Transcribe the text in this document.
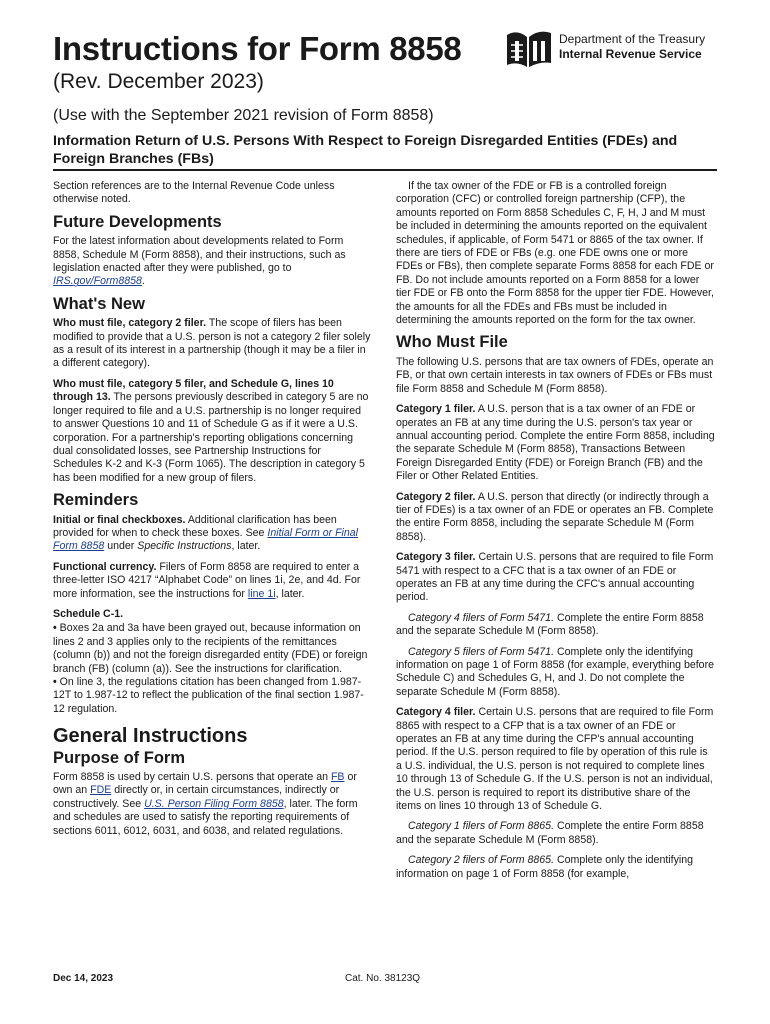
Instructions for Form 8858
(Rev. December 2023)
(Use with the September 2021 revision of Form 8858)
Information Return of U.S. Persons With Respect to Foreign Disregarded Entities (FDEs) and Foreign Branches (FBs)
Department of the Treasury
Internal Revenue Service

Section references are to the Internal Revenue Code unless otherwise noted.

Future Developments

For the latest information about developments related to Form 8858, Schedule M (Form 8858), and their instructions, such as legislation enacted after they were published, go to IRS.gov/Form8858.

What's New

Who must file, category 2 filer. The scope of filers has been modified to provide that a U.S. person is not a category 2 filer solely as a result of its interest in a partnership (though it may be a filer in a different category).

Who must file, category 5 filer, and Schedule G, lines 10 through 13. The persons previously described in category 5 are no longer required to file and a U.S. partnership is no longer required to answer Questions 10 and 11 of Schedule G as if it were a U.S. corporation. For a partnership's reporting obligations concerning dual consolidated losses, see Partnership Instructions for Schedules K-2 and K-3 (Form 1065). The description in category 5 has been modified for a new group of filers.

Reminders

Initial or final checkboxes. Additional clarification has been provided for when to check these boxes. See Initial Form or Final Form 8858 under Specific Instructions, later.

Functional currency. Filers of Form 8858 are required to enter a three-letter ISO 4217 “Alphabet Code” on lines 1i, 2e, and 4d. For more information, see the instructions for line 1i, later.

Schedule C-1.

• Boxes 2a and 3a have been grayed out, because information on lines 2 and 3 applies only to the recipients of the remittances (column (b)) and not the foreign disregarded entity (FDE) or foreign branch (FB) (column (a)). See the instructions for clarification.

• On line 3, the regulations citation has been changed from 1.987-12T to 1.987-12 to reflect the publication of the final section 1.987-12 regulation.

General Instructions
Purpose of Form

Form 8858 is used by certain U.S. persons that operate an FB or own an FDE directly or, in certain circumstances, indirectly or constructively. See U.S. Person Filing Form 8858, later. The form and schedules are used to satisfy the reporting requirements of sections 6011, 6012, 6031, and 6038, and related regulations.

If the tax owner of the FDE or FB is a controlled foreign corporation (CFC) or controlled foreign partnership (CFP), the amounts reported on Form 8858 Schedules C, F, H, J and M must be included in determining the amounts reported on the equivalent schedules, if applicable, of Form 5471 or 8865 of the tax owner. If there are tiers of FDE or FBs (e.g. one FDE owns one or more FDEs or FBs), then complete separate Forms 8858 for each FDE or FB. Do not include amounts reported on a Form 8858 for a lower tier FDE or FB onto the Form 8858 for the upper tier FDE. However, the amounts for all the FDEs and FBs must be included in determining the amounts reported on the form for the tax owner.

Who Must File

The following U.S. persons that are tax owners of FDEs, operate an FB, or that own certain interests in tax owners of FDEs or FBs must file Form 8858 and Schedule M (Form 8858).

Category 1 filer. A U.S. person that is a tax owner of an FDE or operates an FB at any time during the U.S. person's tax year or annual accounting period. Complete the entire Form 8858, including the separate Schedule M (Form 8858), Transactions Between Foreign Disregarded Entity (FDE) or Foreign Branch (FB) and the Filer or Other Related Entities.

Category 2 filer. A U.S. person that directly (or indirectly through a tier of FDEs) is a tax owner of an FDE or operates an FB. Complete the entire Form 8858, including the separate Schedule M (Form 8858).

Category 3 filer. Certain U.S. persons that are required to file Form 5471 with respect to a CFC that is a tax owner of an FDE or operates an FB at any time during the CFC's annual accounting period.

Category 4 filers of Form 5471. Complete the entire Form 8858 and the separate Schedule M (Form 8858).

Category 5 filers of Form 5471. Complete only the identifying information on page 1 of Form 8858 (for example, everything before Schedule C) and Schedules G, H, and J. Do not complete the separate Schedule M (Form 8858).

Category 4 filer. Certain U.S. persons that are required to file Form 8865 with respect to a CFP that is a tax owner of an FDE or operates an FB at any time during the CFP's annual accounting period. If the U.S. person required to file by operation of this rule is a U.S. individual, the U.S. person is not required to complete lines 10 through 13 of Schedule G. If the U.S. person is not an individual, the U.S. person is required to report its distributive share of the items on lines 10 through 13 of Schedule G.

Category 1 filers of Form 8865. Complete the entire Form 8858 and the separate Schedule M (Form 8858).

Category 2 filers of Form 8865. Complete only the identifying information on page 1 of Form 8858 (for example,

Dec 14, 2023	Cat. No. 38123Q
